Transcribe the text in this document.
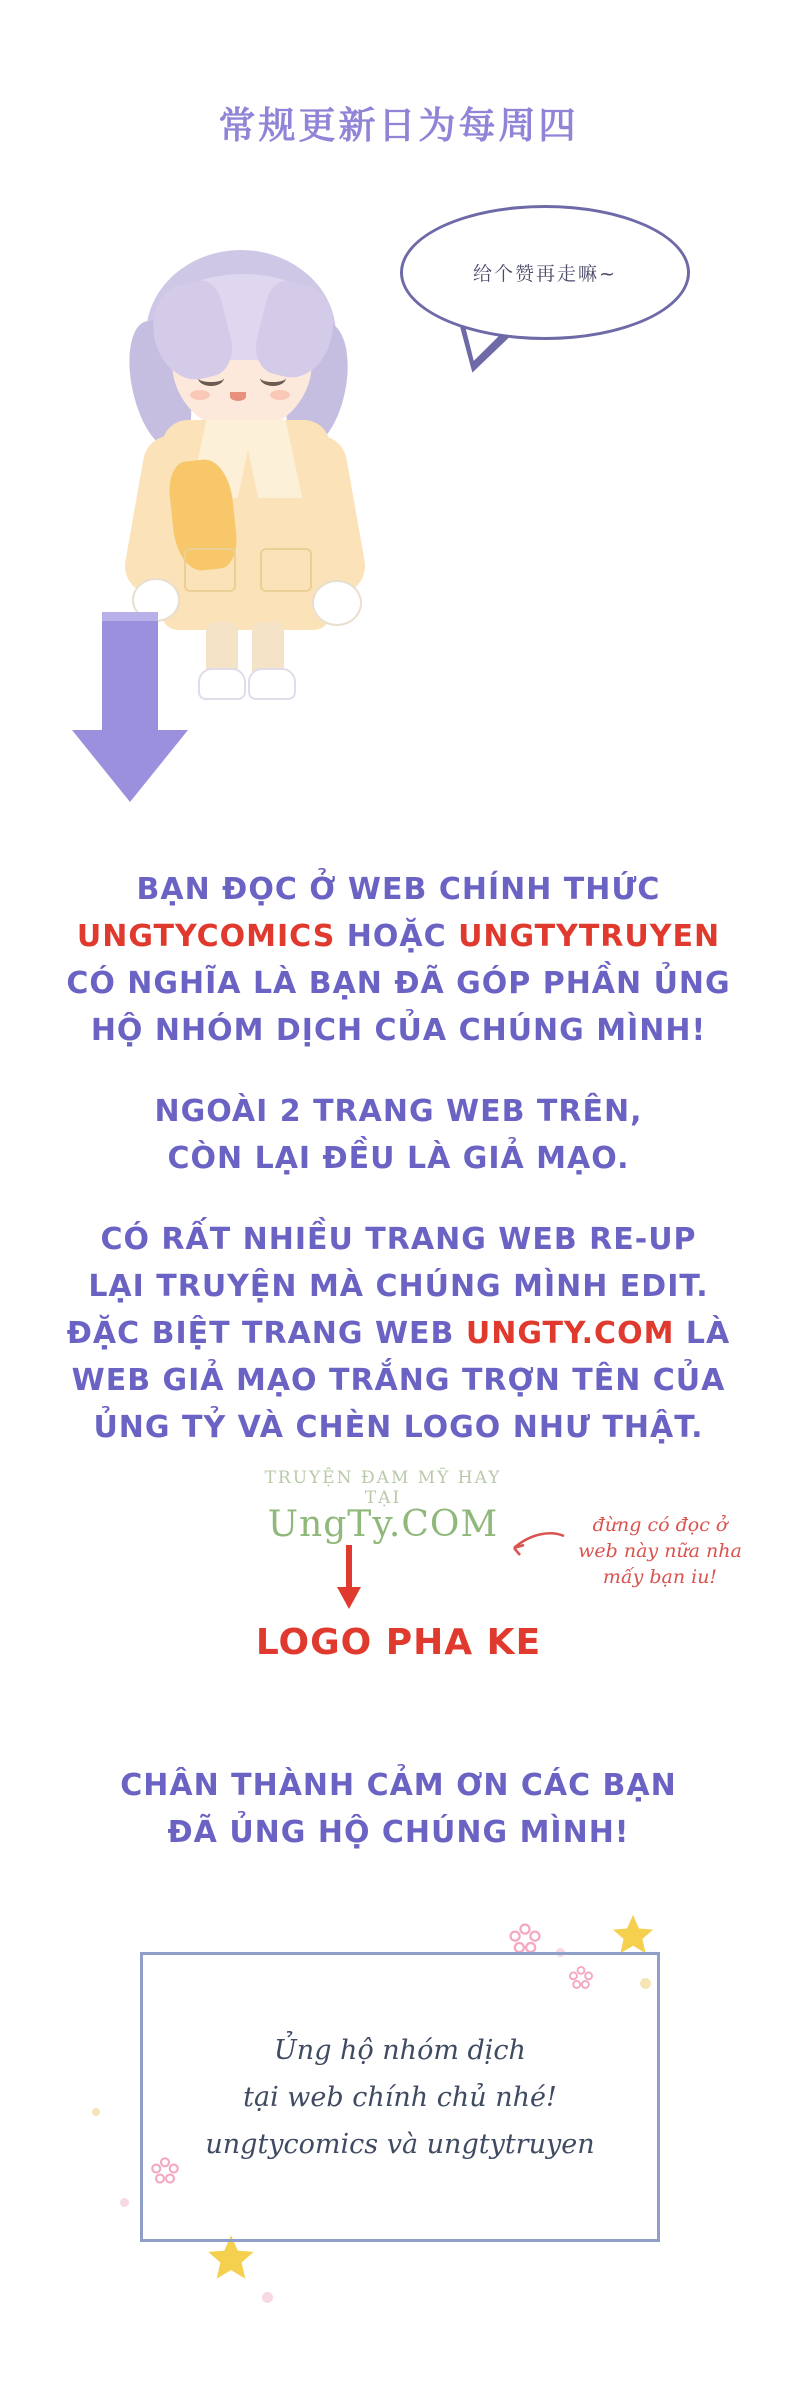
常规更新日为每周四
给个赞再走嘛~
BẠN ĐỌC Ở WEB CHÍNH THỨC
UNGTYCOMICS HOẶC UNGTYTRUYEN
CÓ NGHĨA LÀ BẠN ĐÃ GÓP PHẦN ỦNG
HỘ NHÓM DỊCH CỦA CHÚNG MÌNH!
NGOÀI 2 TRANG WEB TRÊN,
CÒN LẠI ĐỀU LÀ GIẢ MẠO.
CÓ RẤT NHIỀU TRANG WEB RE-UP
LẠI TRUYỆN MÀ CHÚNG MÌNH EDIT.
ĐẶC BIỆT TRANG WEB UNGTY.COM LÀ
WEB GIẢ MẠO TRẮNG TRỢN TÊN CỦA
ỦNG TỶ VÀ CHÈN LOGO NHƯ THẬT.
TRUYỆN ĐAM MỸ HAY TẠI
UngTy.COM	đừng có đọc ở
web này nữa nha
mấy bạn iu!
LOGO PHA KE
CHÂN THÀNH CẢM ƠN CÁC BẠN
ĐÃ ỦNG HỘ CHÚNG MÌNH!
Ủng hộ nhóm dịch
tại web chính chủ nhé!
ungtycomics và ungtytruyen
